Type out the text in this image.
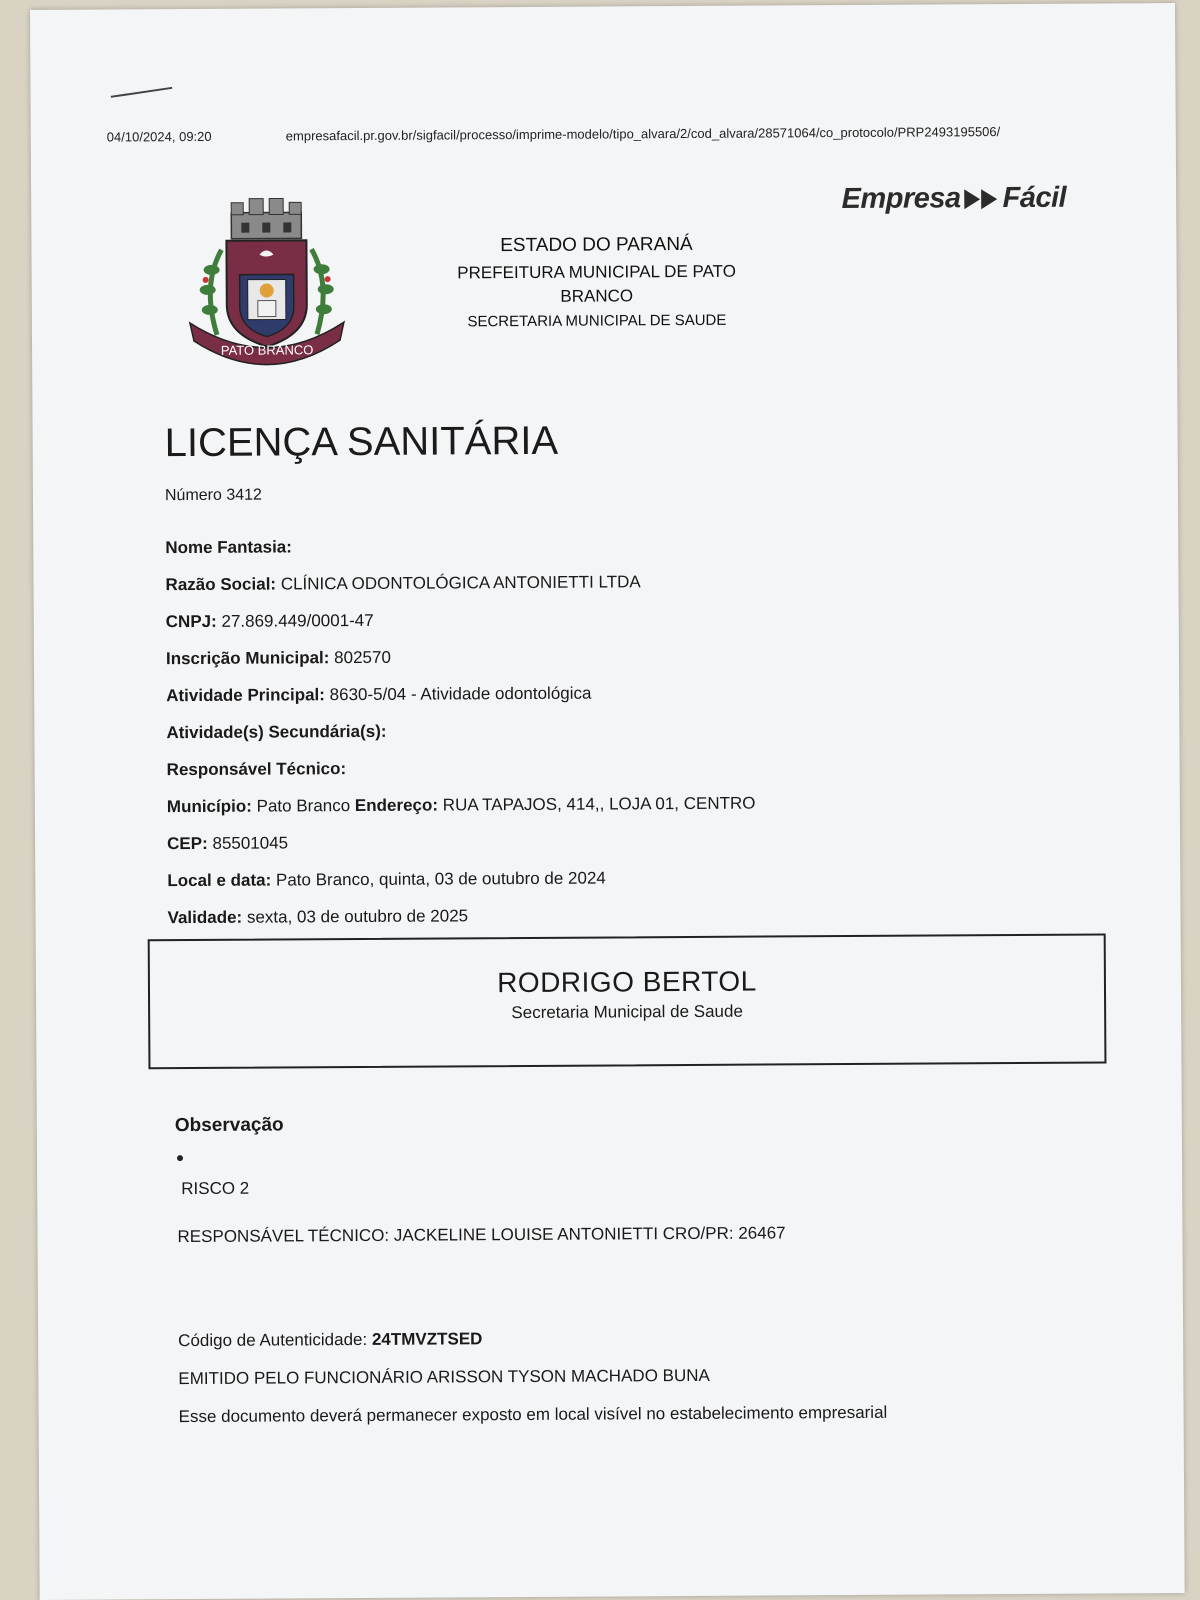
04/10/2024, 09:20	empresafacil.pr.gov.br/sigfacil/processo/imprime-modelo/tipo_alvara/2/cod_alvara/28571064/co_protocolo/PRP2493195506/

Empresa Fácil
PATO BRANCO
ESTADO DO PARANÁ
PREFEITURA MUNICIPAL DE PATO
BRANCO
SECRETARIA MUNICIPAL DE SAUDE
LICENÇA SANITÁRIA
Número 3412
Nome Fantasia:
Razão Social: CLÍNICA ODONTOLÓGICA ANTONIETTI LTDA
CNPJ: 27.869.449/0001-47
Inscrição Municipal: 802570
Atividade Principal: 8630-5/04 - Atividade odontológica
Atividade(s) Secundária(s):
Responsável Técnico:
Município: Pato Branco Endereço: RUA TAPAJOS, 414,, LOJA 01, CENTRO
CEP: 85501045
Local e data: Pato Branco, quinta, 03 de outubro de 2024
Validade: sexta, 03 de outubro de 2025
RODRIGO BERTOL
Secretaria Municipal de Saude
Observação
RISCO 2
RESPONSÁVEL TÉCNICO: JACKELINE LOUISE ANTONIETTI CRO/PR: 26467
Código de Autenticidade: 24TMVZTSED
EMITIDO PELO FUNCIONÁRIO ARISSON TYSON MACHADO BUNA
Esse documento deverá permanecer exposto em local visível no estabelecimento empresarial
